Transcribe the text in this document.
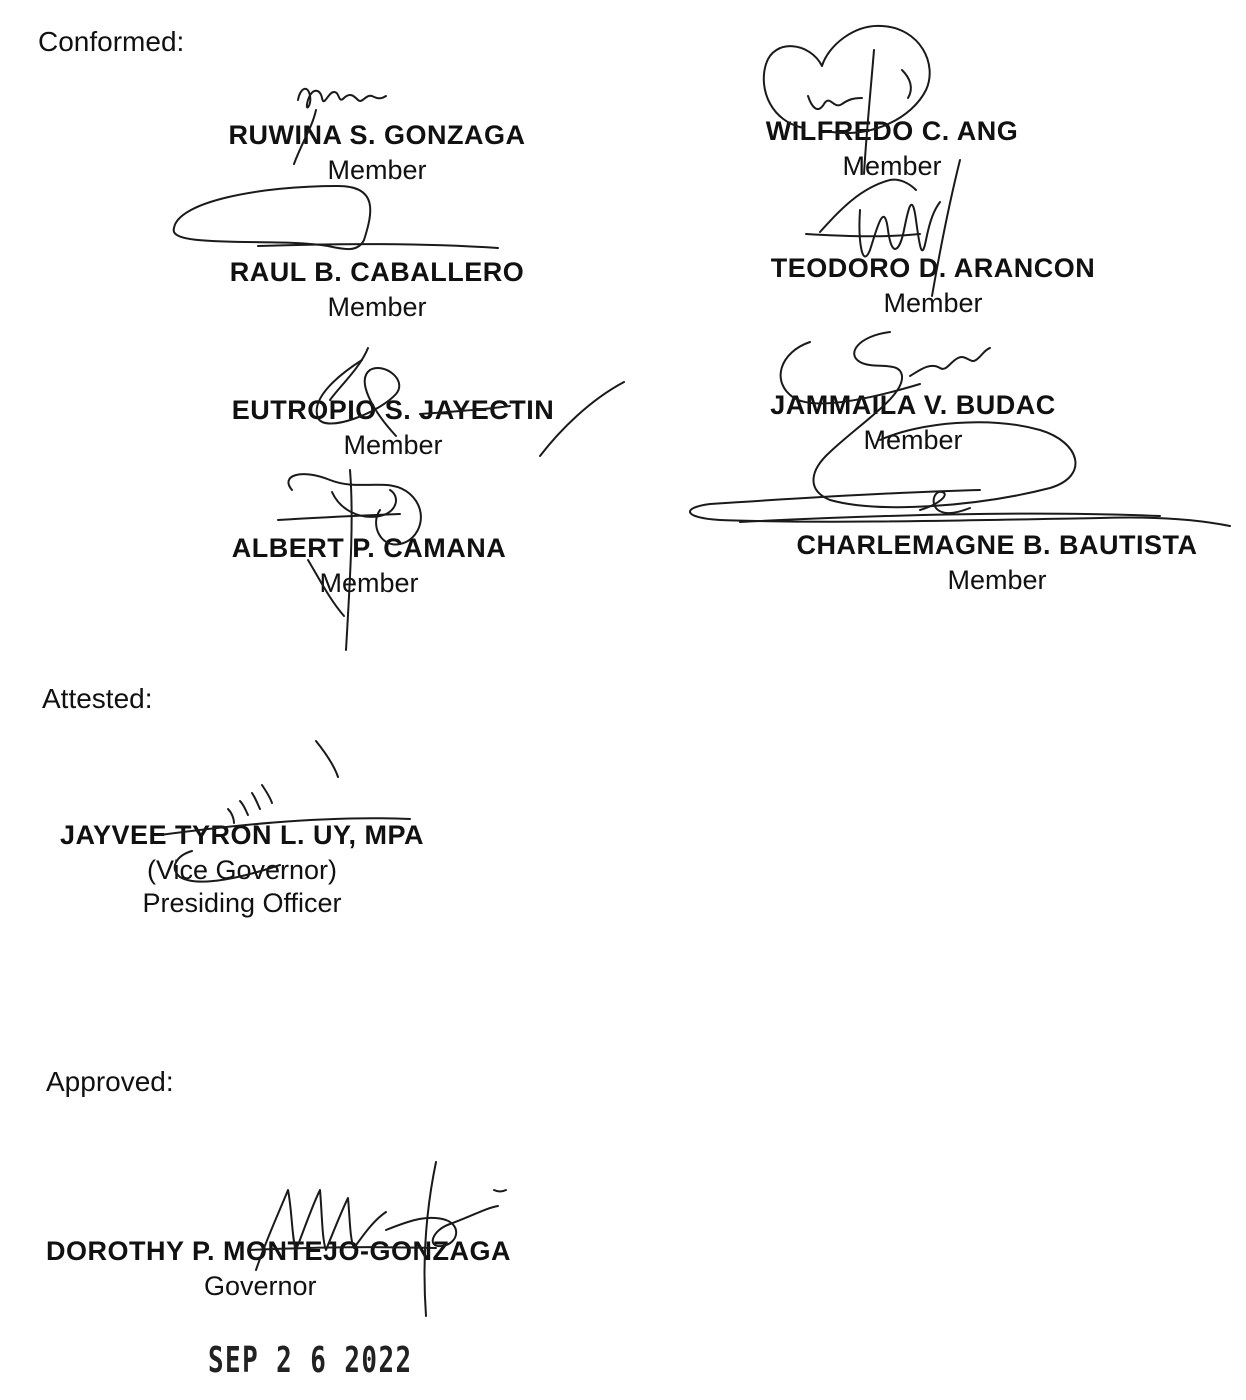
Conformed:
Attested:
Approved:
RUWINA S. GONZAGA
Member
RAUL B. CABALLERO
Member
EUTROPIO S. JAYECTIN
Member
ALBERT P. CAMANA
Member
WILFREDO C. ANG
Member
TEODORO D. ARANCON
Member
JAMMAILA V. BUDAC
Member
CHARLEMAGNE B. BAUTISTA
Member
JAYVEE TYRON L. UY, MPA
(Vice Governor)
Presiding Officer
DOROTHY P. MONTEJO-GONZAGA
Governor
SEP 2 6 2022
